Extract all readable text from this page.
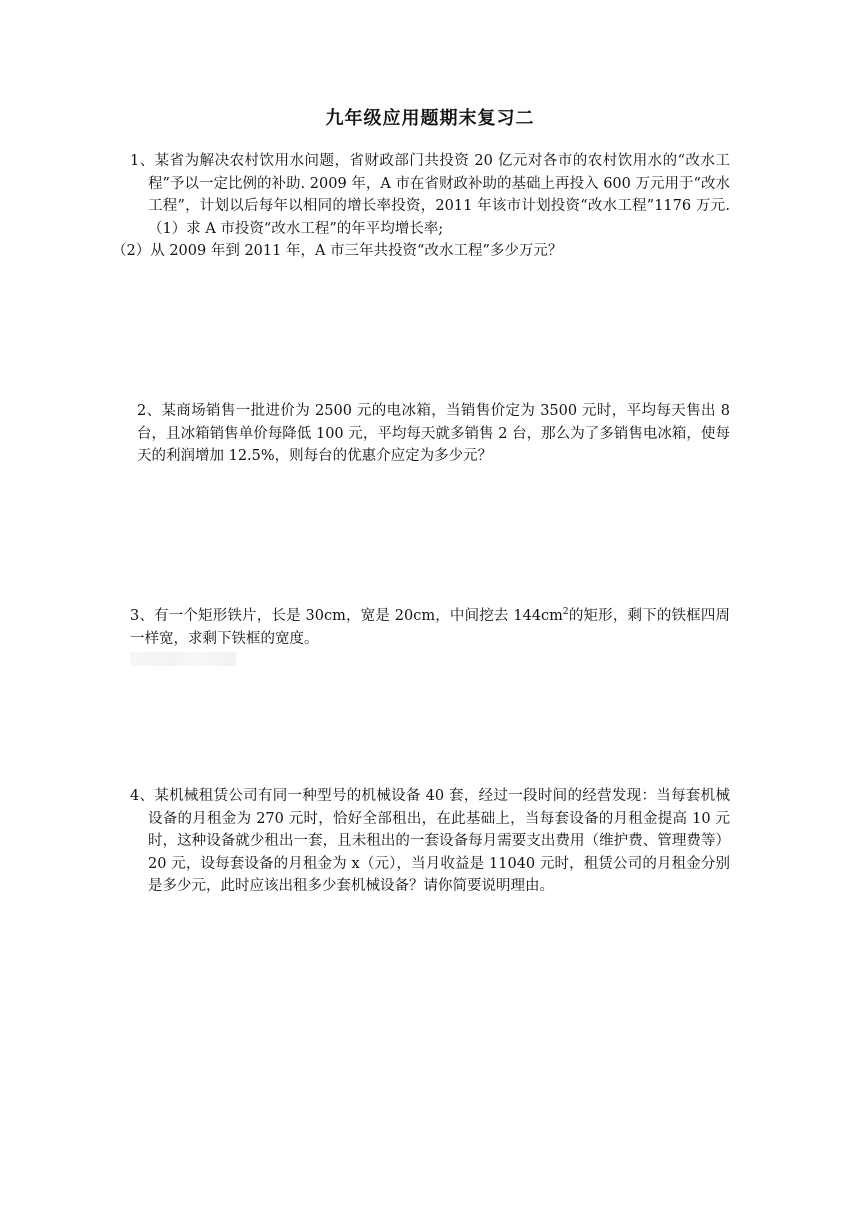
九年级应用题期末复习二

1、某省为解决农村饮用水问题，省财政部门共投资 20 亿元对各市的农村饮用水的“改水工程”予以一定比例的补助. 2009 年，A 市在省财政补助的基础上再投入 600 万元用于“改水工程”，计划以后每年以相同的增长率投资，2011 年该市计划投资“改水工程”1176 万元.（1）求 A 市投资“改水工程”的年平均增长率;

（2）从 2009 年到 2011 年，A 市三年共投资“改水工程”多少万元？

2、某商场销售一批进价为 2500 元的电冰箱，当销售价定为 3500 元时，平均每天售出 8 台，且冰箱销售单价每降低 100 元，平均每天就多销售 2 台，那么为了多销售电冰箱，使每天的利润增加 12.5%，则每台的优惠介应定为多少元？

3、有一个矩形铁片，长是 30cm，宽是 20cm，中间挖去 $144cm^2$的矩形，剩下的铁框四周一样宽，求剩下铁框的宽度。

4、某机械租赁公司有同一种型号的机械设备 40 套，经过一段时间的经营发现：当每套机械设备的月租金为 270 元时，恰好全部租出，在此基础上，当每套设备的月租金提高 10 元时，这种设备就少租出一套，且未租出的一套设备每月需要支出费用（维护费、管理费等）20 元，设每套设备的月租金为 x（元），当月收益是 11040 元时，租赁公司的月租金分别是多少元，此时应该出租多少套机械设备？请你简要说明理由。
